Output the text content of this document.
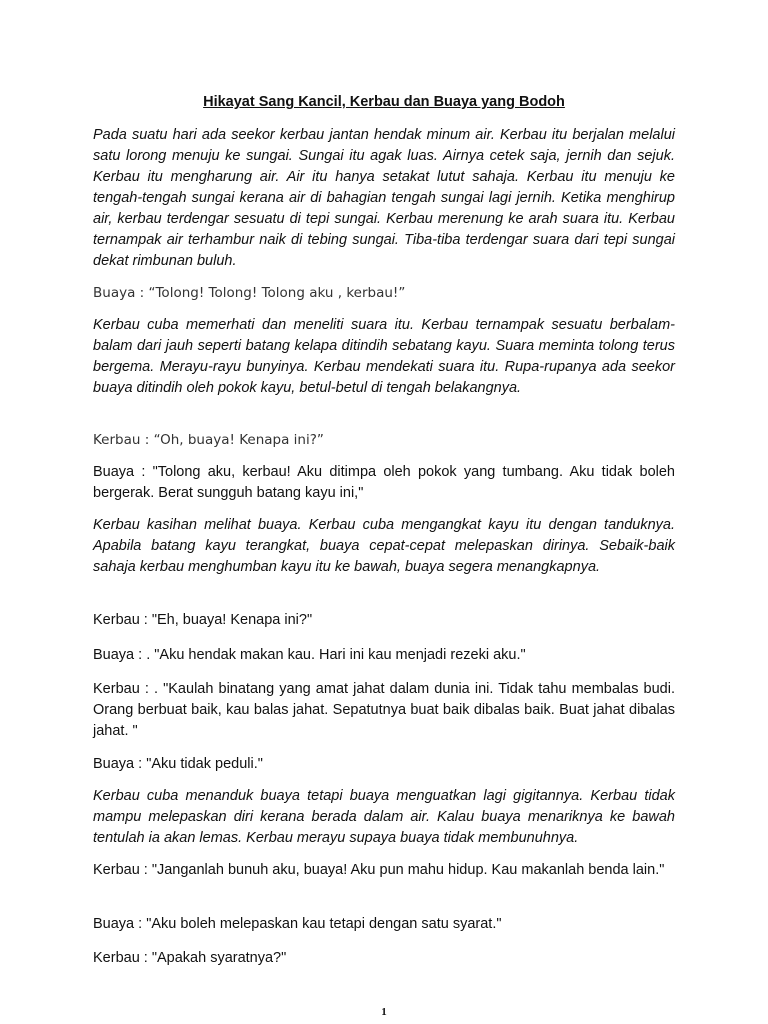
Hikayat Sang Kancil, Kerbau dan Buaya yang Bodoh

Pada suatu hari ada seekor kerbau jantan hendak minum air. Kerbau itu berjalan melalui satu lorong menuju ke sungai. Sungai itu agak luas. Airnya cetek saja, jernih dan sejuk. Kerbau itu mengharung air. Air itu hanya setakat lutut sahaja. Kerbau itu menuju ke tengah-tengah sungai kerana air di bahagian tengah sungai lagi jernih. Ketika menghirup air, kerbau terdengar sesuatu di tepi sungai. Kerbau merenung ke arah suara itu. Kerbau ternampak air terhambur naik di tebing sungai. Tiba-tiba terdengar suara dari tepi sungai dekat rimbunan buluh.

Buaya : “Tolong! Tolong! Tolong aku , kerbau!”

Kerbau cuba memerhati dan meneliti suara itu. Kerbau ternampak sesuatu berbalam-balam dari jauh seperti batang kelapa ditindih sebatang kayu. Suara meminta tolong terus bergema. Merayu-rayu bunyinya. Kerbau mendekati suara itu. Rupa-rupanya ada seekor buaya ditindih oleh pokok kayu, betul-betul di tengah belakangnya.

Kerbau : “Oh, buaya! Kenapa ini?”

Buaya : "Tolong aku, kerbau! Aku ditimpa oleh pokok yang tumbang. Aku tidak boleh bergerak. Berat sungguh batang kayu ini,"

Kerbau kasihan melihat buaya. Kerbau cuba mengangkat kayu itu dengan tanduknya. Apabila batang kayu terangkat, buaya cepat-cepat melepaskan dirinya. Sebaik-baik sahaja kerbau menghumban kayu itu ke bawah, buaya segera menangkapnya.

Kerbau : "Eh, buaya! Kenapa ini?"

Buaya : . "Aku hendak makan kau. Hari ini kau menjadi rezeki aku."

Kerbau : . "Kaulah binatang yang amat jahat dalam dunia ini. Tidak tahu membalas budi. Orang berbuat baik, kau balas jahat. Sepatutnya buat baik dibalas baik. Buat jahat dibalas jahat. "

Buaya : "Aku tidak peduli."

Kerbau cuba menanduk buaya tetapi buaya menguatkan lagi gigitannya. Kerbau tidak mampu melepaskan diri kerana berada dalam air. Kalau buaya menariknya ke bawah tentulah ia akan lemas. Kerbau merayu supaya buaya tidak membunuhnya.

Kerbau : "Janganlah bunuh aku, buaya! Aku pun mahu hidup. Kau makanlah benda lain."

Buaya : "Aku boleh melepaskan kau tetapi dengan satu syarat."

Kerbau : "Apakah syaratnya?"

1
